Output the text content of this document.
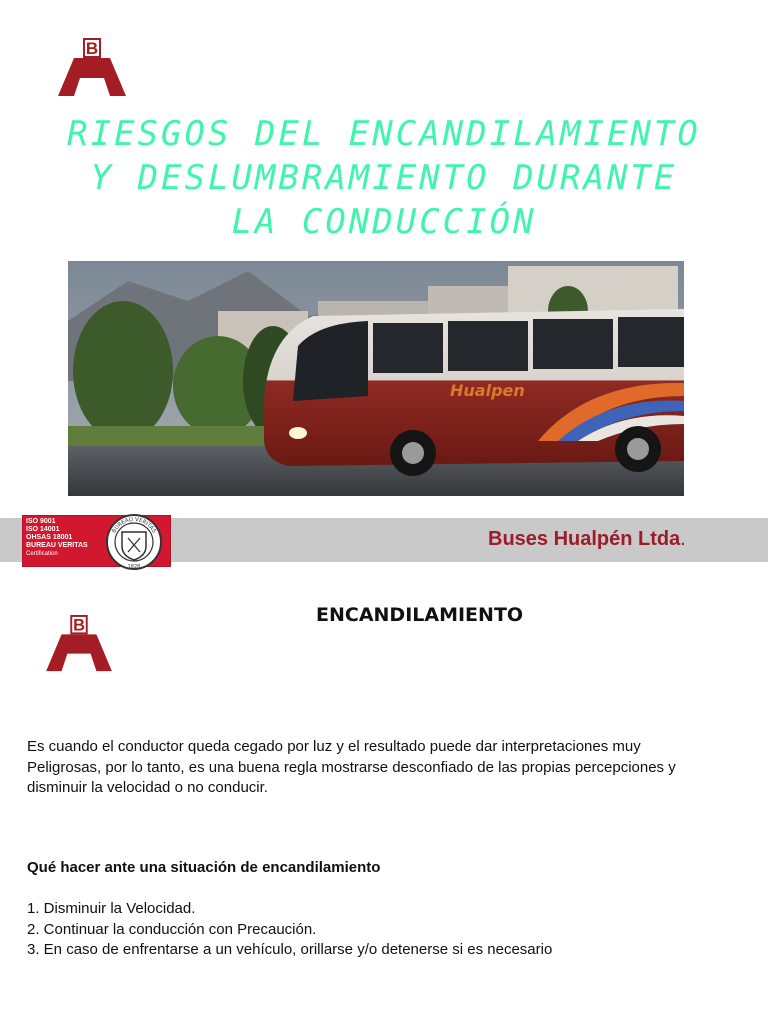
B
RIESGOS DEL ENCANDILAMIENTO
Y DESLUMBRAMIENTO DURANTE
LA CONDUCCIÓN
Hualpen
ISO 9001
ISO 14001
OHSAS 18001
BUREAU VERITAS
Certification
BUREAU VERITAS
1828
Buses Hualpén Ltda.
B	ENCANDILAMIENTO
Es cuando el conductor queda cegado por luz y el resultado puede dar interpretaciones muy
Peligrosas, por lo tanto, es una buena regla mostrarse desconfiado de las propias percepciones y
disminuir la velocidad o no conducir.
Qué hacer ante una situación de encandilamiento
1. Disminuir la Velocidad.
2. Continuar la conducción con Precaución.
3. En caso de enfrentarse a un vehículo, orillarse y/o detenerse si es necesario
